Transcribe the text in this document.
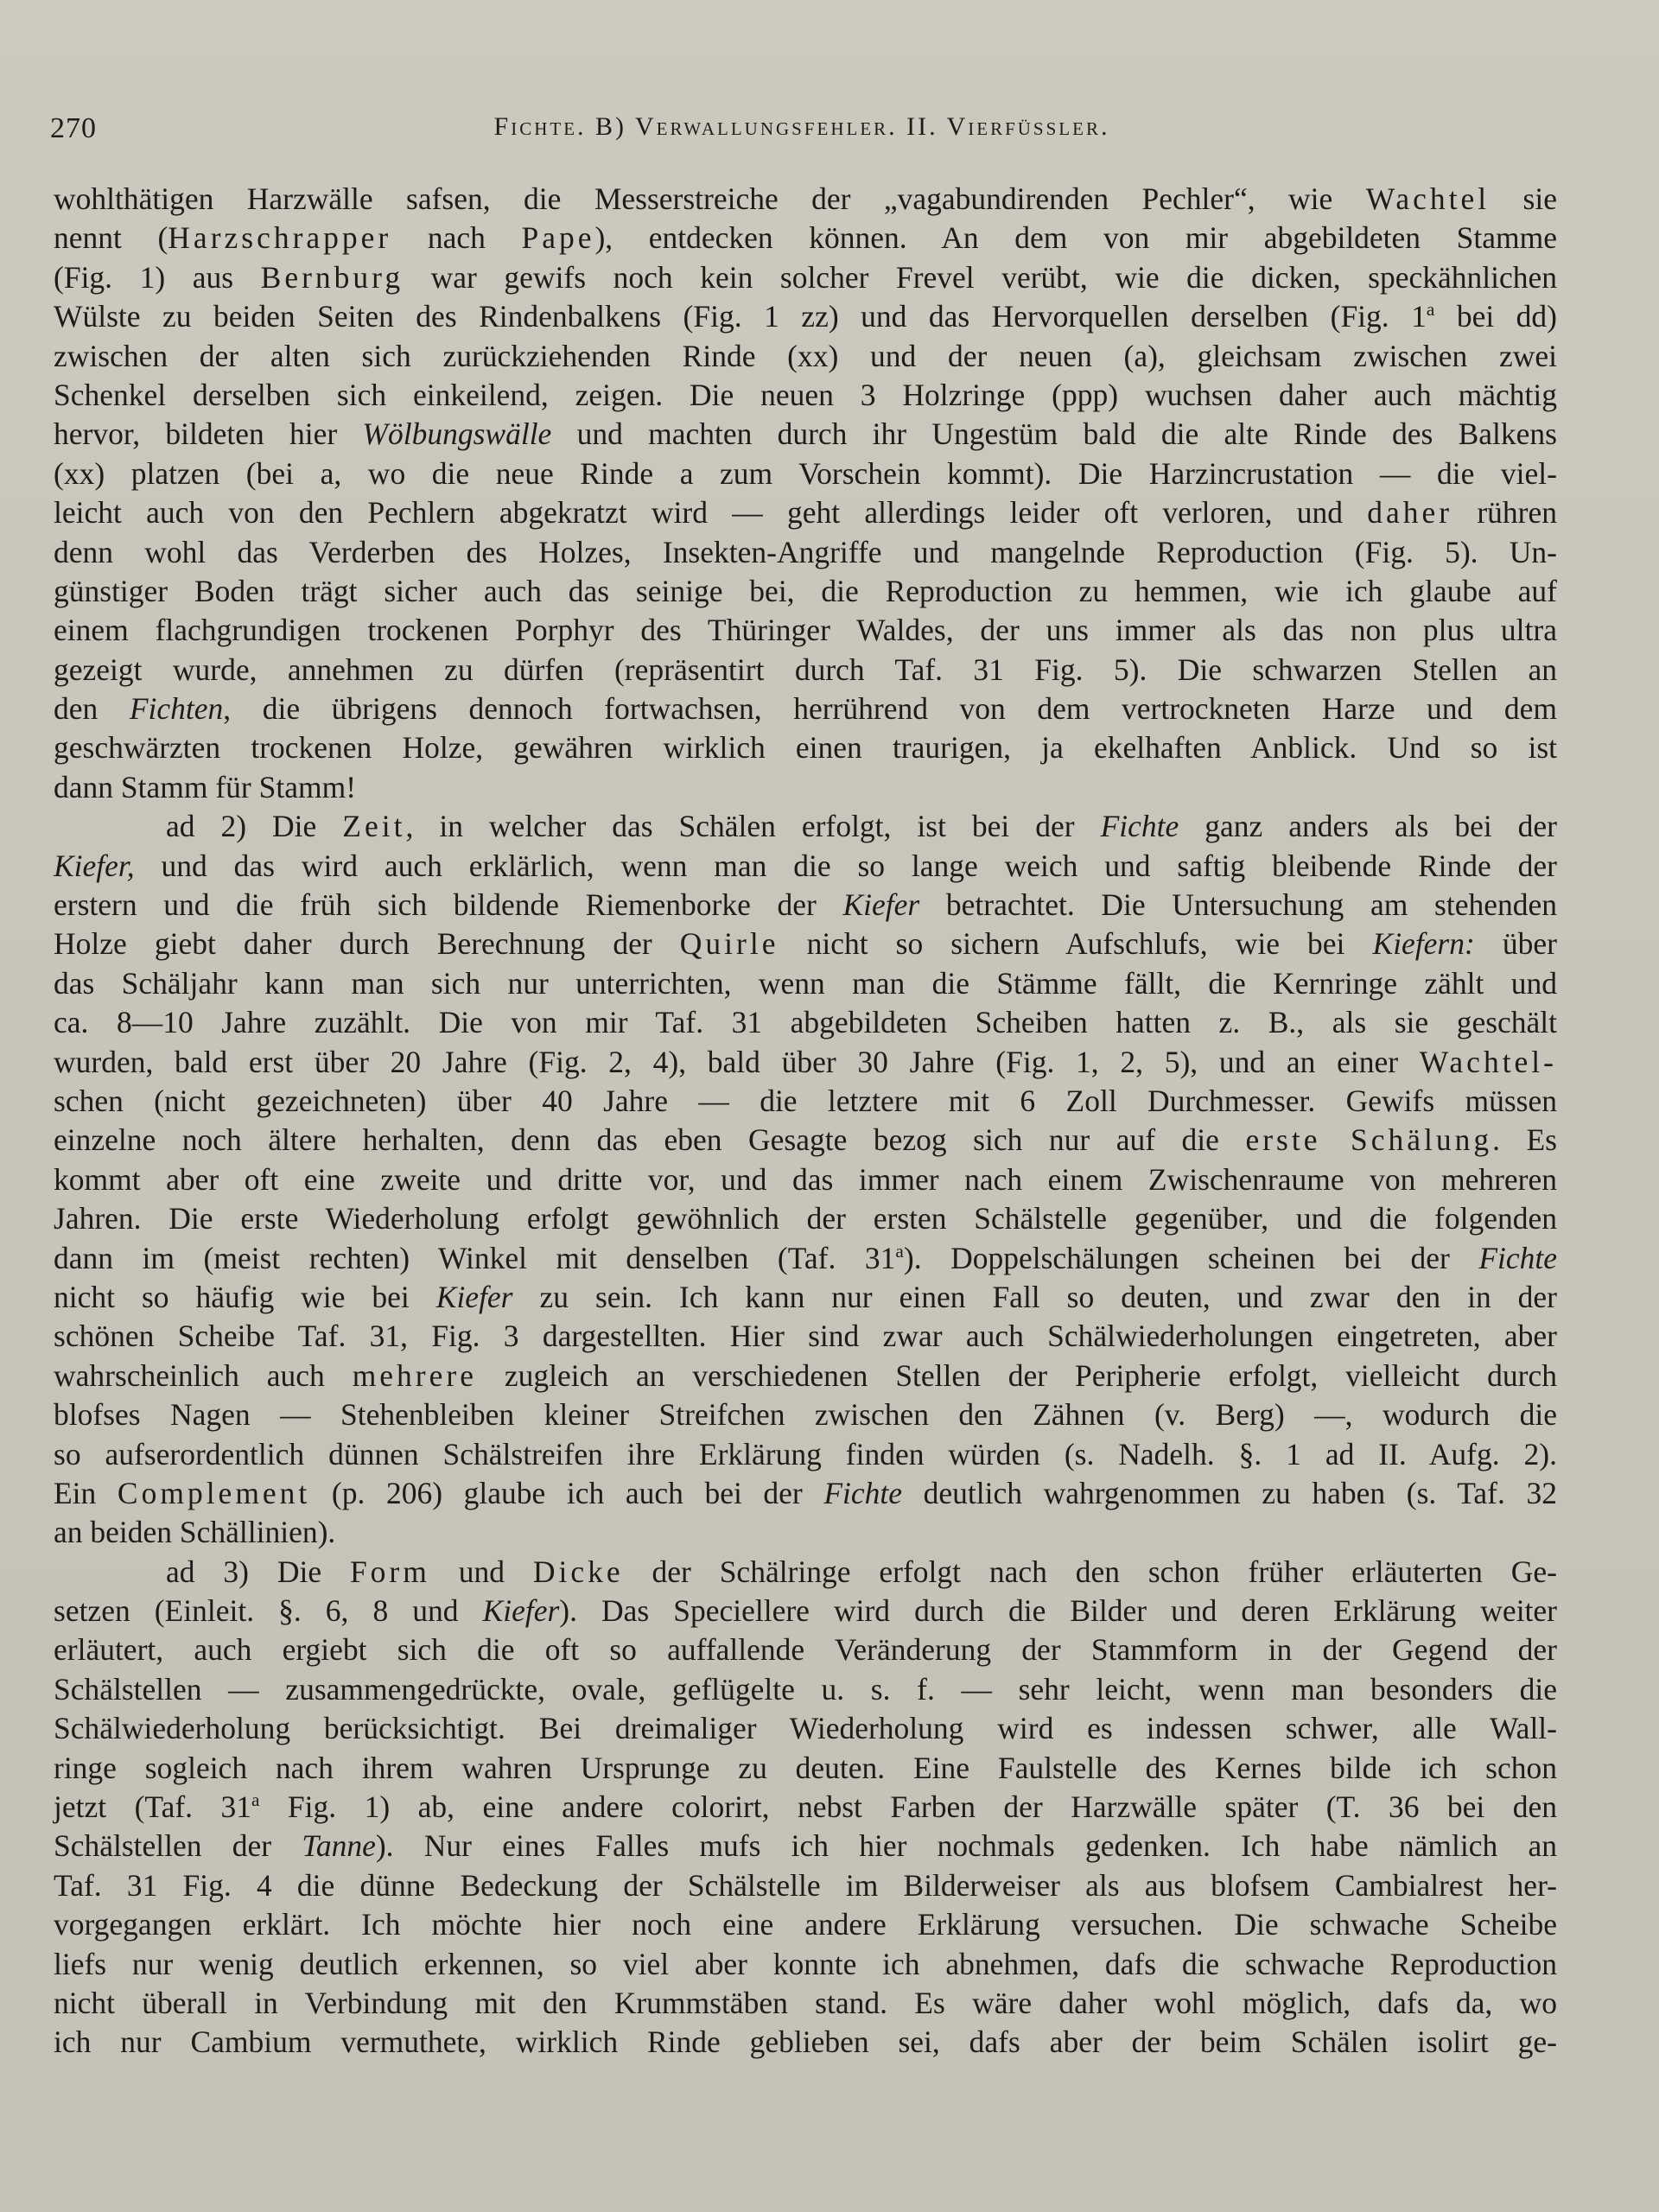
270	Fichte. B) Verwallungsfehler. II. Vierfüssler.
wohlthätigen Harzwälle safsen, die Messerstreiche der „vagabundirenden Pechler“, wie Wachtel sie
nennt (Harzschrapper nach Pape), entdecken können. An dem von mir abgebildeten Stamme
(Fig. 1) aus Bernburg war gewifs noch kein solcher Frevel verübt, wie die dicken, speckähnlichen
Wülste zu beiden Seiten des Rindenbalkens (Fig. 1 zz) und das Hervorquellen derselben (Fig. 1$^a$ bei dd)
zwischen der alten sich zurückziehenden Rinde (xx) und der neuen (a), gleichsam zwischen zwei
Schenkel derselben sich einkeilend, zeigen. Die neuen 3 Holzringe (ppp) wuchsen daher auch mächtig
hervor, bildeten hier Wölbungswälle und machten durch ihr Ungestüm bald die alte Rinde des Balkens
(xx) platzen (bei a, wo die neue Rinde a zum Vorschein kommt). Die Harzincrustation — die viel-
leicht auch von den Pechlern abgekratzt wird — geht allerdings leider oft verloren, und daher rühren
denn wohl das Verderben des Holzes, Insekten-Angriffe und mangelnde Reproduction (Fig. 5). Un-
günstiger Boden trägt sicher auch das seinige bei, die Reproduction zu hemmen, wie ich glaube auf
einem flachgrundigen trockenen Porphyr des Thüringer Waldes, der uns immer als das non plus ultra
gezeigt wurde, annehmen zu dürfen (repräsentirt durch Taf. 31 Fig. 5). Die schwarzen Stellen an
den Fichten, die übrigens dennoch fortwachsen, herrührend von dem vertrockneten Harze und dem
geschwärzten trockenen Holze, gewähren wirklich einen traurigen, ja ekelhaften Anblick. Und so ist
dann Stamm für Stamm!
ad 2) Die Zeit, in welcher das Schälen erfolgt, ist bei der Fichte ganz anders als bei der
Kiefer, und das wird auch erklärlich, wenn man die so lange weich und saftig bleibende Rinde der
erstern und die früh sich bildende Riemenborke der Kiefer betrachtet. Die Untersuchung am stehenden
Holze giebt daher durch Berechnung der Quirle nicht so sichern Aufschlufs, wie bei Kiefern: über
das Schäljahr kann man sich nur unterrichten, wenn man die Stämme fällt, die Kernringe zählt und
ca. 8—10 Jahre zuzählt. Die von mir Taf. 31 abgebildeten Scheiben hatten z. B., als sie geschält
wurden, bald erst über 20 Jahre (Fig. 2, 4), bald über 30 Jahre (Fig. 1, 2, 5), und an einer Wachtel-
schen (nicht gezeichneten) über 40 Jahre — die letztere mit 6 Zoll Durchmesser. Gewifs müssen
einzelne noch ältere herhalten, denn das eben Gesagte bezog sich nur auf die erste Schälung. Es
kommt aber oft eine zweite und dritte vor, und das immer nach einem Zwischenraume von mehreren
Jahren. Die erste Wiederholung erfolgt gewöhnlich der ersten Schälstelle gegenüber, und die folgenden
dann im (meist rechten) Winkel mit denselben (Taf. 31$^a$). Doppelschälungen scheinen bei der Fichte
nicht so häufig wie bei Kiefer zu sein. Ich kann nur einen Fall so deuten, und zwar den in der
schönen Scheibe Taf. 31, Fig. 3 dargestellten. Hier sind zwar auch Schälwiederholungen eingetreten, aber
wahrscheinlich auch mehrere zugleich an verschiedenen Stellen der Peripherie erfolgt, vielleicht durch
blofses Nagen — Stehenbleiben kleiner Streifchen zwischen den Zähnen (v. Berg) —, wodurch die
so aufserordentlich dünnen Schälstreifen ihre Erklärung finden würden (s. Nadelh. §. 1 ad II. Aufg. 2).
Ein Complement (p. 206) glaube ich auch bei der Fichte deutlich wahrgenommen zu haben (s. Taf. 32
an beiden Schällinien).
ad 3) Die Form und Dicke der Schälringe erfolgt nach den schon früher erläuterten Ge-
setzen (Einleit. §. 6, 8 und Kiefer). Das Speciellere wird durch die Bilder und deren Erklärung weiter
erläutert, auch ergiebt sich die oft so auffallende Veränderung der Stammform in der Gegend der
Schälstellen — zusammengedrückte, ovale, geflügelte u. s. f. — sehr leicht, wenn man besonders die
Schälwiederholung berücksichtigt. Bei dreimaliger Wiederholung wird es indessen schwer, alle Wall-
ringe sogleich nach ihrem wahren Ursprunge zu deuten. Eine Faulstelle des Kernes bilde ich schon
jetzt (Taf. 31$^a$ Fig. 1) ab, eine andere colorirt, nebst Farben der Harzwälle später (T. 36 bei den
Schälstellen der Tanne). Nur eines Falles mufs ich hier nochmals gedenken. Ich habe nämlich an
Taf. 31 Fig. 4 die dünne Bedeckung der Schälstelle im Bilderweiser als aus blofsem Cambialrest her-
vorgegangen erklärt. Ich möchte hier noch eine andere Erklärung versuchen. Die schwache Scheibe
liefs nur wenig deutlich erkennen, so viel aber konnte ich abnehmen, dafs die schwache Reproduction
nicht überall in Verbindung mit den Krummstäben stand. Es wäre daher wohl möglich, dafs da, wo
ich nur Cambium vermuthete, wirklich Rinde geblieben sei, dafs aber der beim Schälen isolirt ge-
